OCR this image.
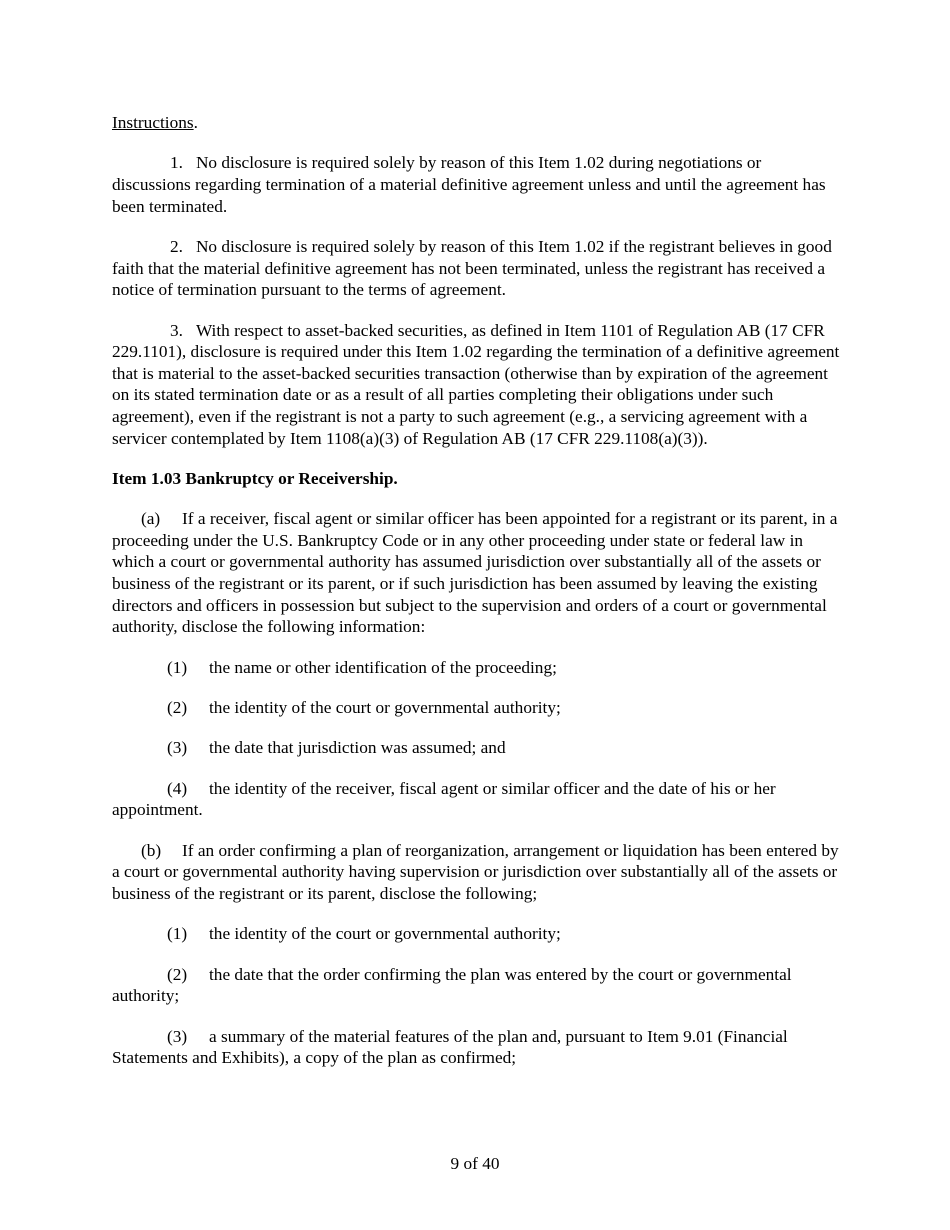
Instructions.

1. No disclosure is required solely by reason of this Item 1.02 during negotiations or discussions regarding termination of a material definitive agreement unless and until the agreement has been terminated.

2. No disclosure is required solely by reason of this Item 1.02 if the registrant believes in good faith that the material definitive agreement has not been terminated, unless the registrant has received a notice of termination pursuant to the terms of agreement.

3. With respect to asset-backed securities, as defined in Item 1101 of Regulation AB (17 CFR 229.1101), disclosure is required under this Item 1.02 regarding the termination of a definitive agreement that is material to the asset-backed securities transaction (otherwise than by expiration of the agreement on its stated termination date or as a result of all parties completing their obligations under such agreement), even if the registrant is not a party to such agreement (e.g., a servicing agreement with a servicer contemplated by Item 1108(a)(3) of Regulation AB (17 CFR 229.1108(a)(3)).

Item 1.03 Bankruptcy or Receivership.

(a) If a receiver, fiscal agent or similar officer has been appointed for a registrant or its parent, in a proceeding under the U.S. Bankruptcy Code or in any other proceeding under state or federal law in which a court or governmental authority has assumed jurisdiction over substantially all of the assets or business of the registrant or its parent, or if such jurisdiction has been assumed by leaving the existing directors and officers in possession but subject to the supervision and orders of a court or governmental authority, disclose the following information:

(1) the name or other identification of the proceeding;

(2) the identity of the court or governmental authority;

(3) the date that jurisdiction was assumed; and

(4) the identity of the receiver, fiscal agent or similar officer and the date of his or her appointment.

(b) If an order confirming a plan of reorganization, arrangement or liquidation has been entered by a court or governmental authority having supervision or jurisdiction over substantially all of the assets or business of the registrant or its parent, disclose the following;

(1) the identity of the court or governmental authority;

(2) the date that the order confirming the plan was entered by the court or governmental authority;

(3) a summary of the material features of the plan and, pursuant to Item 9.01 (Financial Statements and Exhibits), a copy of the plan as confirmed;

9 of 40
